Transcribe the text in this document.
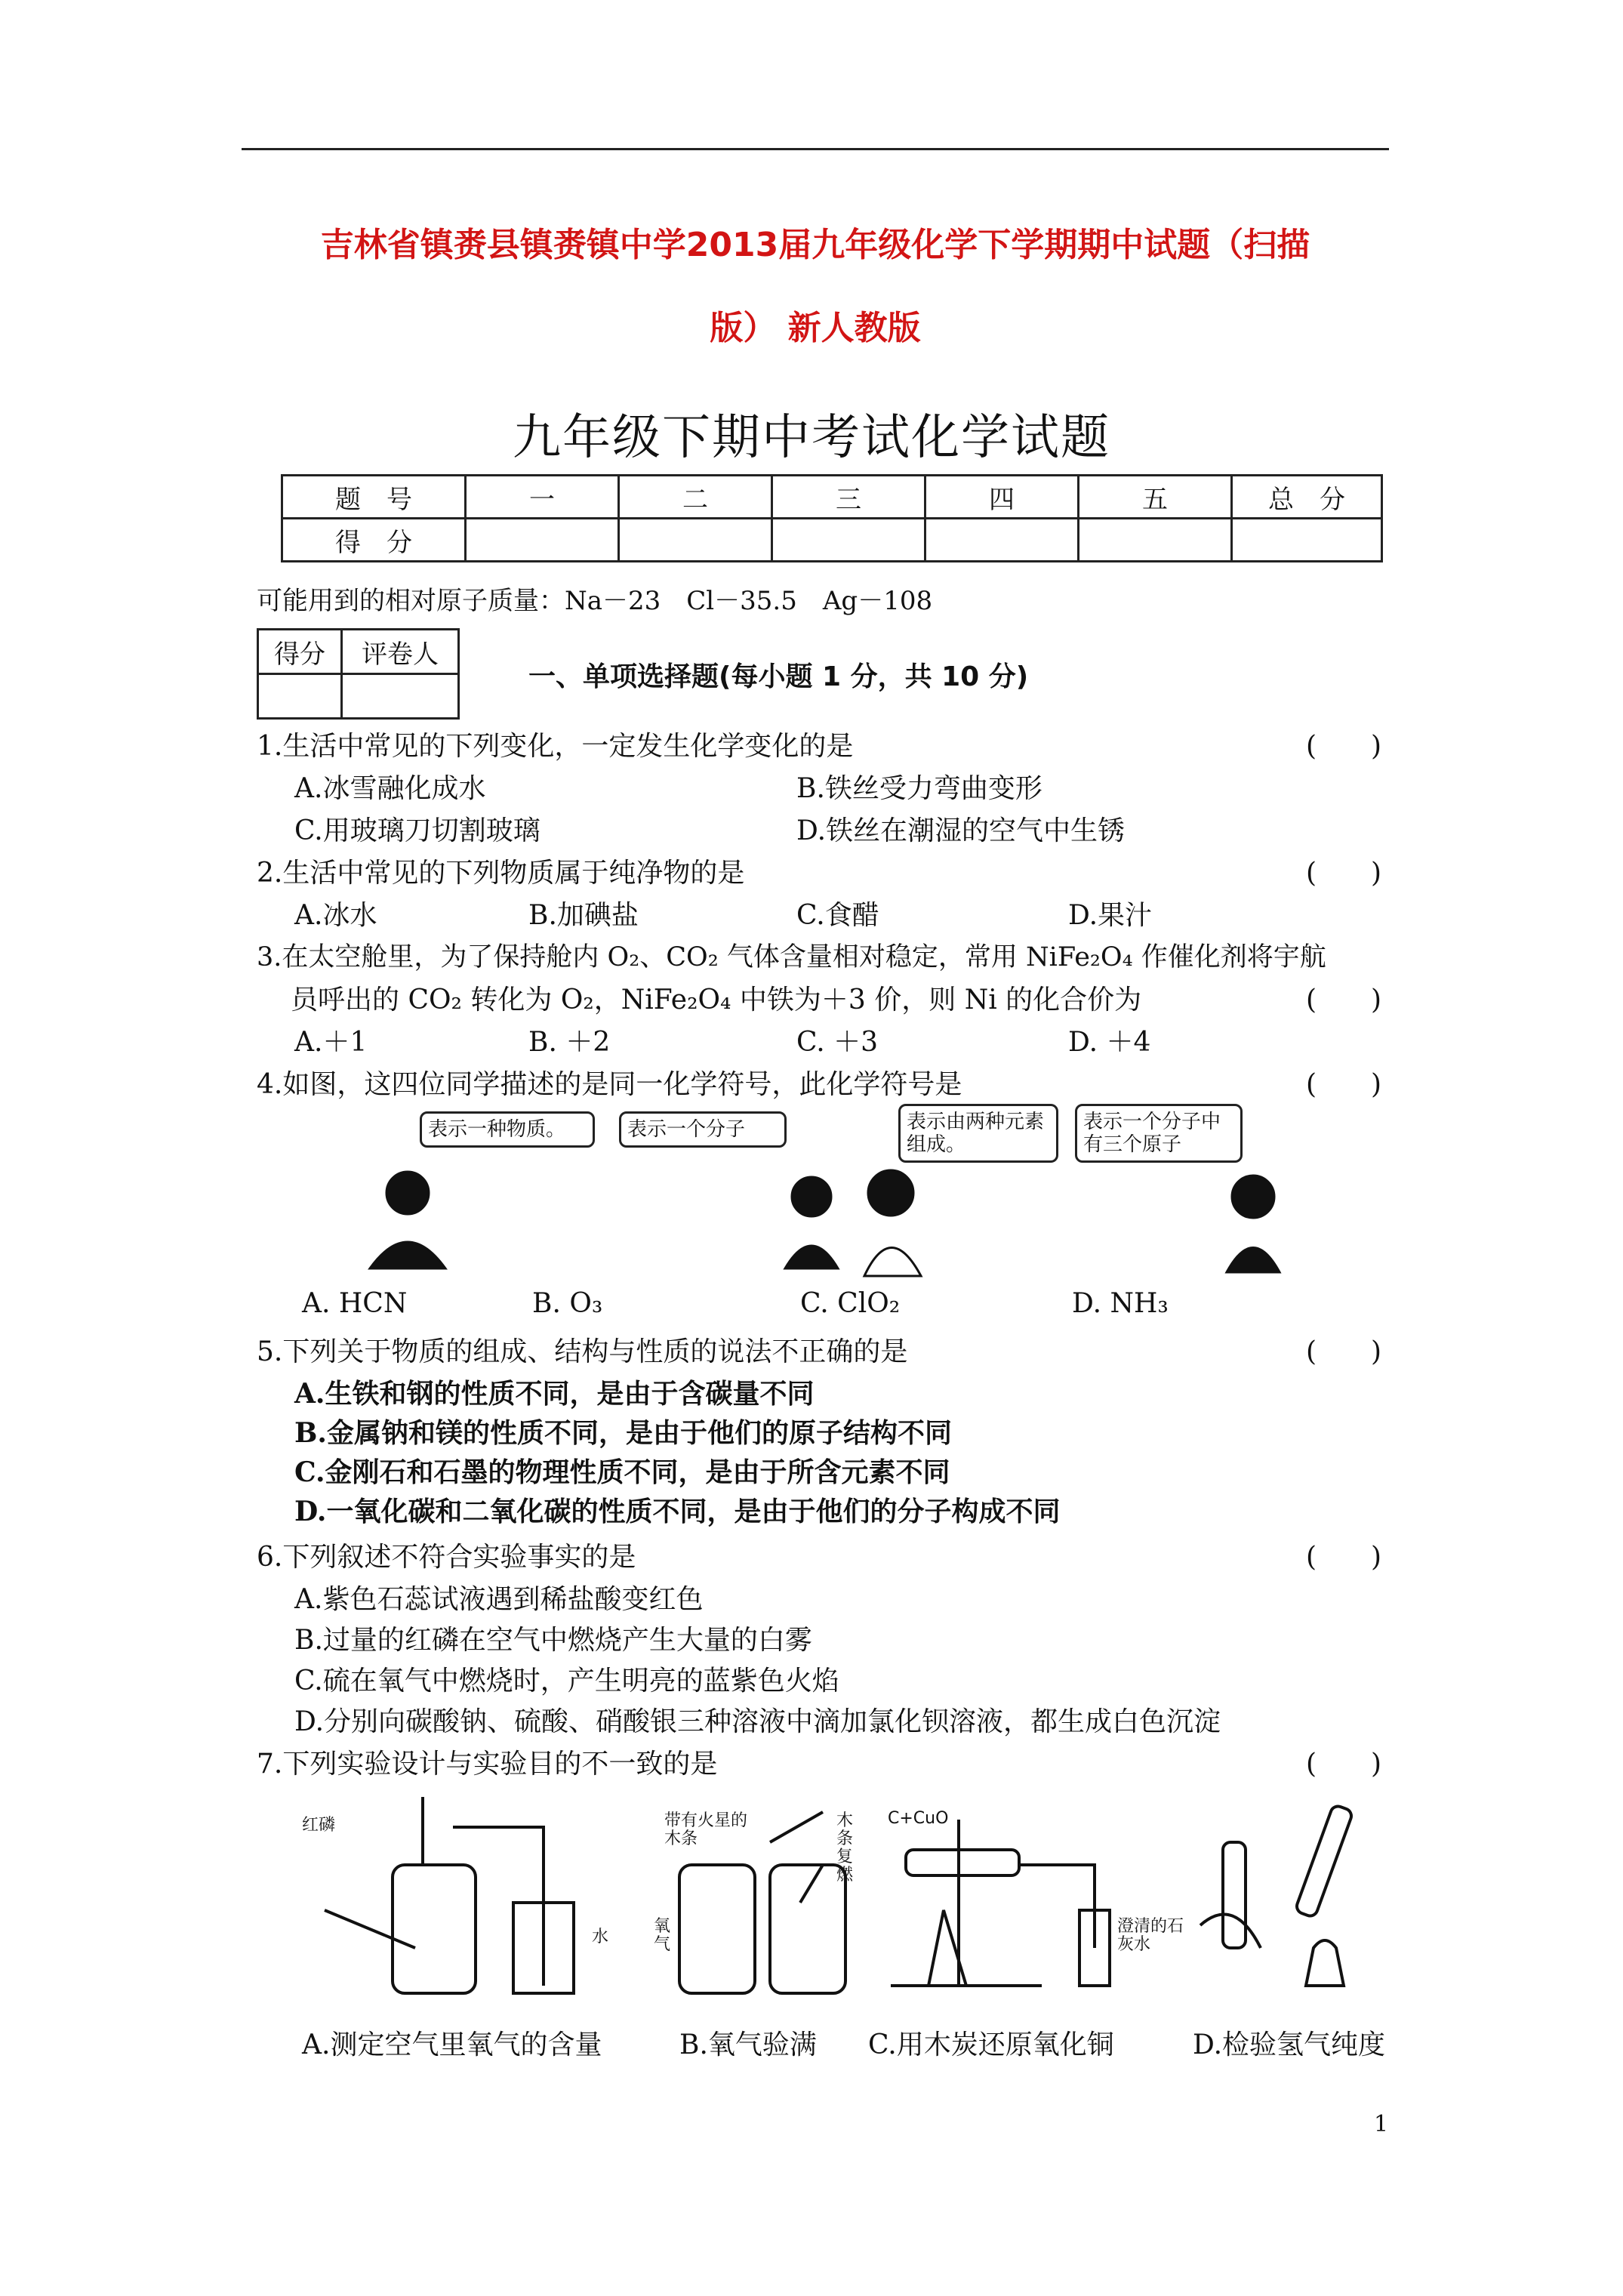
吉林省镇赉县镇赉镇中学2013届九年级化学下学期期中试题（扫描
版） 新人教版
九年级下期中考试化学试题
题　号	一	二	三	四	五	总　分
得　分						
可能用到的相对原子质量：Na－23　Cl－35.5　Ag－108
得分	评卷人

一、单项选择题(每小题 1 分，共 10 分)
1.生活中常见的下列变化，一定发生化学变化的是	(　　)
A.冰雪融化成水	B.铁丝受力弯曲变形
C.用玻璃刀切割玻璃	D.铁丝在潮湿的空气中生锈
2.生活中常见的下列物质属于纯净物的是	(　　)
A.冰水	B.加碘盐	C.食醋	D.果汁
3.在太空舱里，为了保持舱内 O₂、CO₂ 气体含量相对稳定，常用 NiFe₂O₄ 作催化剂将宇航
员呼出的 CO₂ 转化为 O₂，NiFe₂O₄ 中铁为＋3 价，则 Ni 的化合价为	(　　)
A.＋1	B. ＋2	C. ＋3	D. ＋4
4.如图，这四位同学描述的是同一化学符号，此化学符号是	(　　)
表示一种物质。	表示一个分子	表示由两种元素组成。
表示一个分子中有三个原子
A. HCN	B. O₃	C. ClO₂	D. NH₃
5.下列关于物质的组成、结构与性质的说法不正确的是	(　　)
A.生铁和钢的性质不同，是由于含碳量不同
B.金属钠和镁的性质不同，是由于他们的原子结构不同
C.金刚石和石墨的物理性质不同，是由于所含元素不同
D.一氧化碳和二氧化碳的性质不同，是由于他们的分子构成不同
6.下列叙述不符合实验事实的是	(　　)
A.紫色石蕊试液遇到稀盐酸变红色
B.过量的红磷在空气中燃烧产生大量的白雾
C.硫在氧气中燃烧时，产生明亮的蓝紫色火焰
D.分别向碳酸钠、硫酸、硝酸银三种溶液中滴加氯化钡溶液，都生成白色沉淀
7.下列实验设计与实验目的不一致的是	(　　)
红磷
水
带有火星的木条
氧气
木条复燃
C+CuO
澄清的石灰水
A.测定空气里氧气的含量	B.氧气验满 C.用木炭还原氧化铜	D.检验氢气纯度
1
